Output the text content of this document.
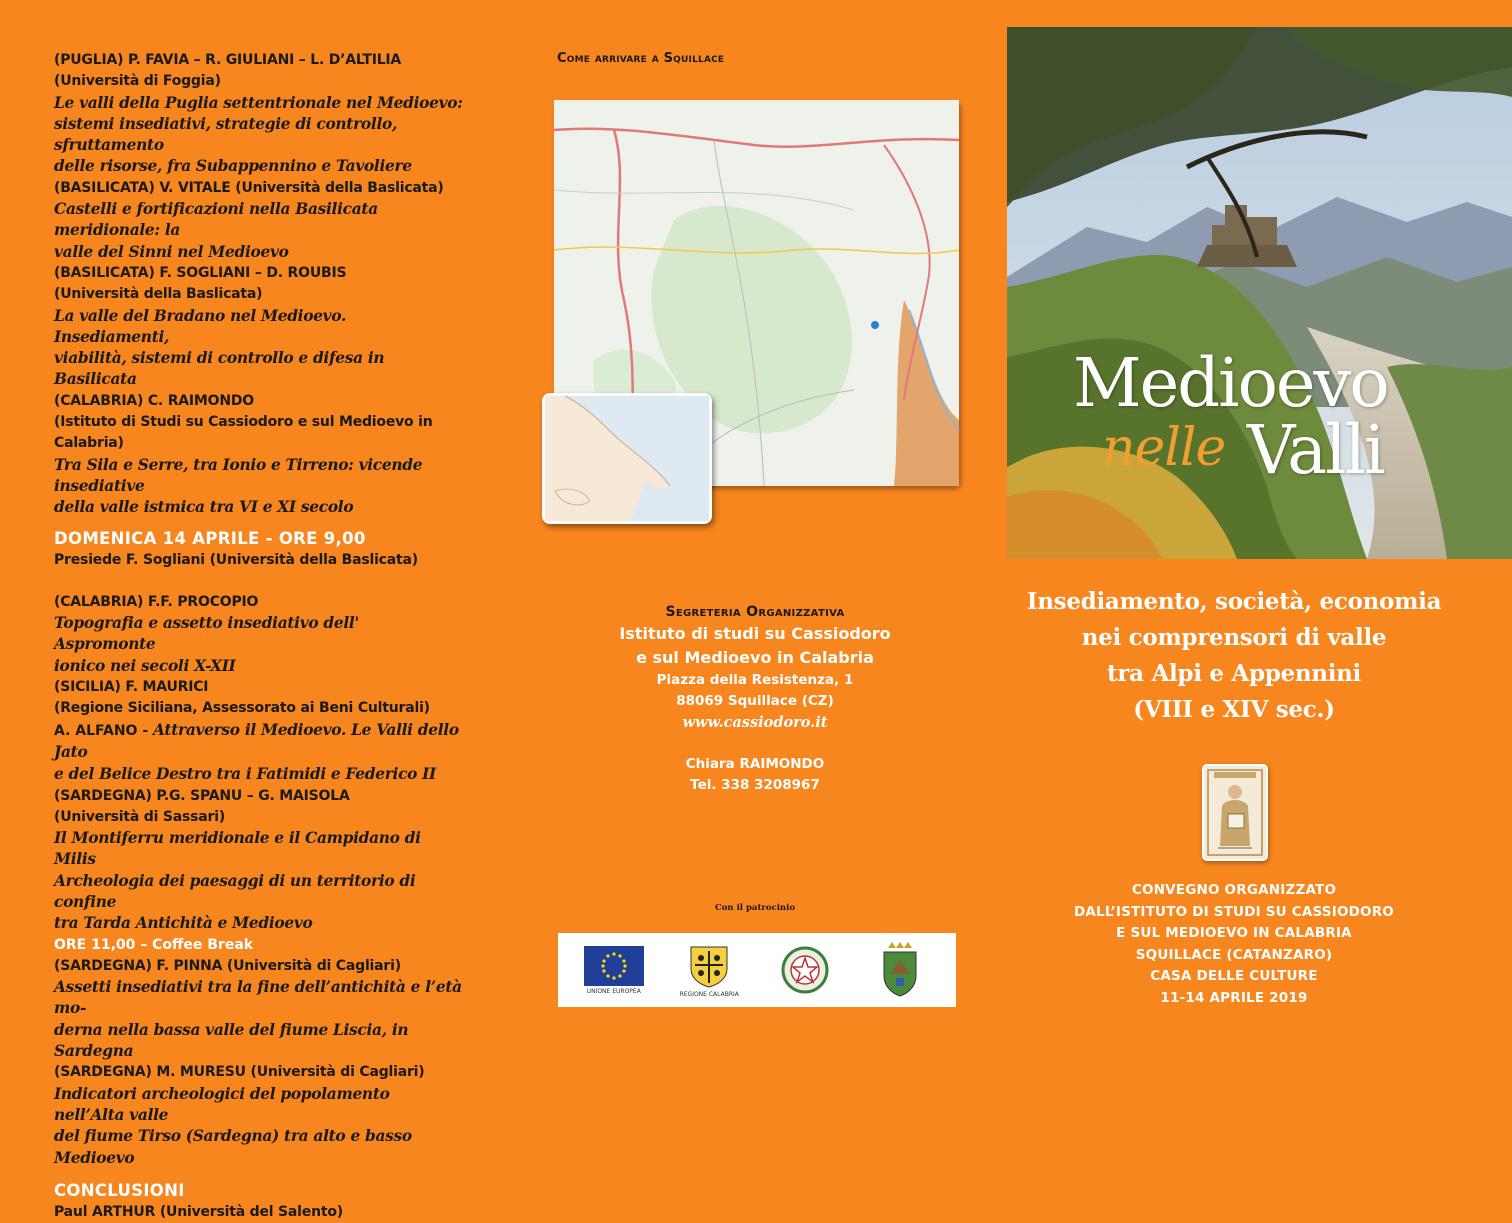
(PUGLIA) P. FAVIA – R. GIULIANI – L. D’ALTILIA
(Università di Foggia)
Le valli della Puglia settentrionale nel Medioevo:
sistemi insediativi, strategie di controllo, sfruttamento
delle risorse, fra Subappennino e Tavoliere
(BASILICATA) V. VITALE (Università della Baslicata)
Castelli e fortificazioni nella Basilicata meridionale: la
valle del Sinni nel Medioevo
(BASILICATA) F. SOGLIANI – D. ROUBIS
(Università della Baslicata)
La valle del Bradano nel Medioevo. Insediamenti,
viabilità, sistemi di controllo e difesa in Basilicata
(CALABRIA) C. RAIMONDO
(Istituto di Studi su Cassiodoro e sul Medioevo in Calabria)
Tra Sila e Serre, tra Ionio e Tirreno: vicende insediative
della valle istmica tra VI e XI secolo
DOMENICA 14 APRILE - ORE 9,00
Presiede F. Sogliani (Università della Baslicata)
(CALABRIA) F.F. PROCOPIO
Topografia e assetto insediativo dell' Aspromonte
ionico nei secoli X-XII
(SICILIA) F. MAURICI
(Regione Siciliana, Assessorato ai Beni Culturali)
A. ALFANO - Attraverso il Medioevo. Le Valli dello Jato
e del Belice Destro tra i Fatimidi e Federico II
(SARDEGNA) P.G. SPANU – G. MAISOLA
(Università di Sassari)
Il Montiferru meridionale e il Campidano di Milis
Archeologia dei paesaggi di un territorio di confine
tra Tarda Antichità e Medioevo
ORE 11,00 – Coffee Break
(SARDEGNA) F. PINNA (Università di Cagliari)
Assetti insediativi tra la fine dell’antichità e l’età mo-
derna nella bassa valle del fiume Liscia, in Sardegna
(SARDEGNA) M. MURESU (Università di Cagliari)
Indicatori archeologici del popolamento nell’Alta valle
del fiume Tirso (Sardegna) tra alto e basso Medioevo
CONCLUSIONI
Paul ARTHUR (Università del Salento)
Come arrivare a Squillace
Segreteria Organizzativa
Istituto di studi su Cassiodoro
e sul Medioevo in Calabria
Piazza della Resistenza, 1
88069 Squillace (CZ)
www.cassiodoro.it
Chiara RAIMONDO
Tel. 338 3208967
Con il patrocinio
UNIONE EUROPEA	REGIONE CALABRIA
Medioevo
nelle Valli
Insediamento, società, economia
nei comprensori di valle
tra Alpi e Appennini
(VIII e XIV sec.)
CONVEGNO ORGANIZZATO
DALL’ISTITUTO DI STUDI SU CASSIODORO
E SUL MEDIOEVO IN CALABRIA
SQUILLACE (CATANZARO)
CASA DELLE CULTURE
11-14 APRILE 2019
